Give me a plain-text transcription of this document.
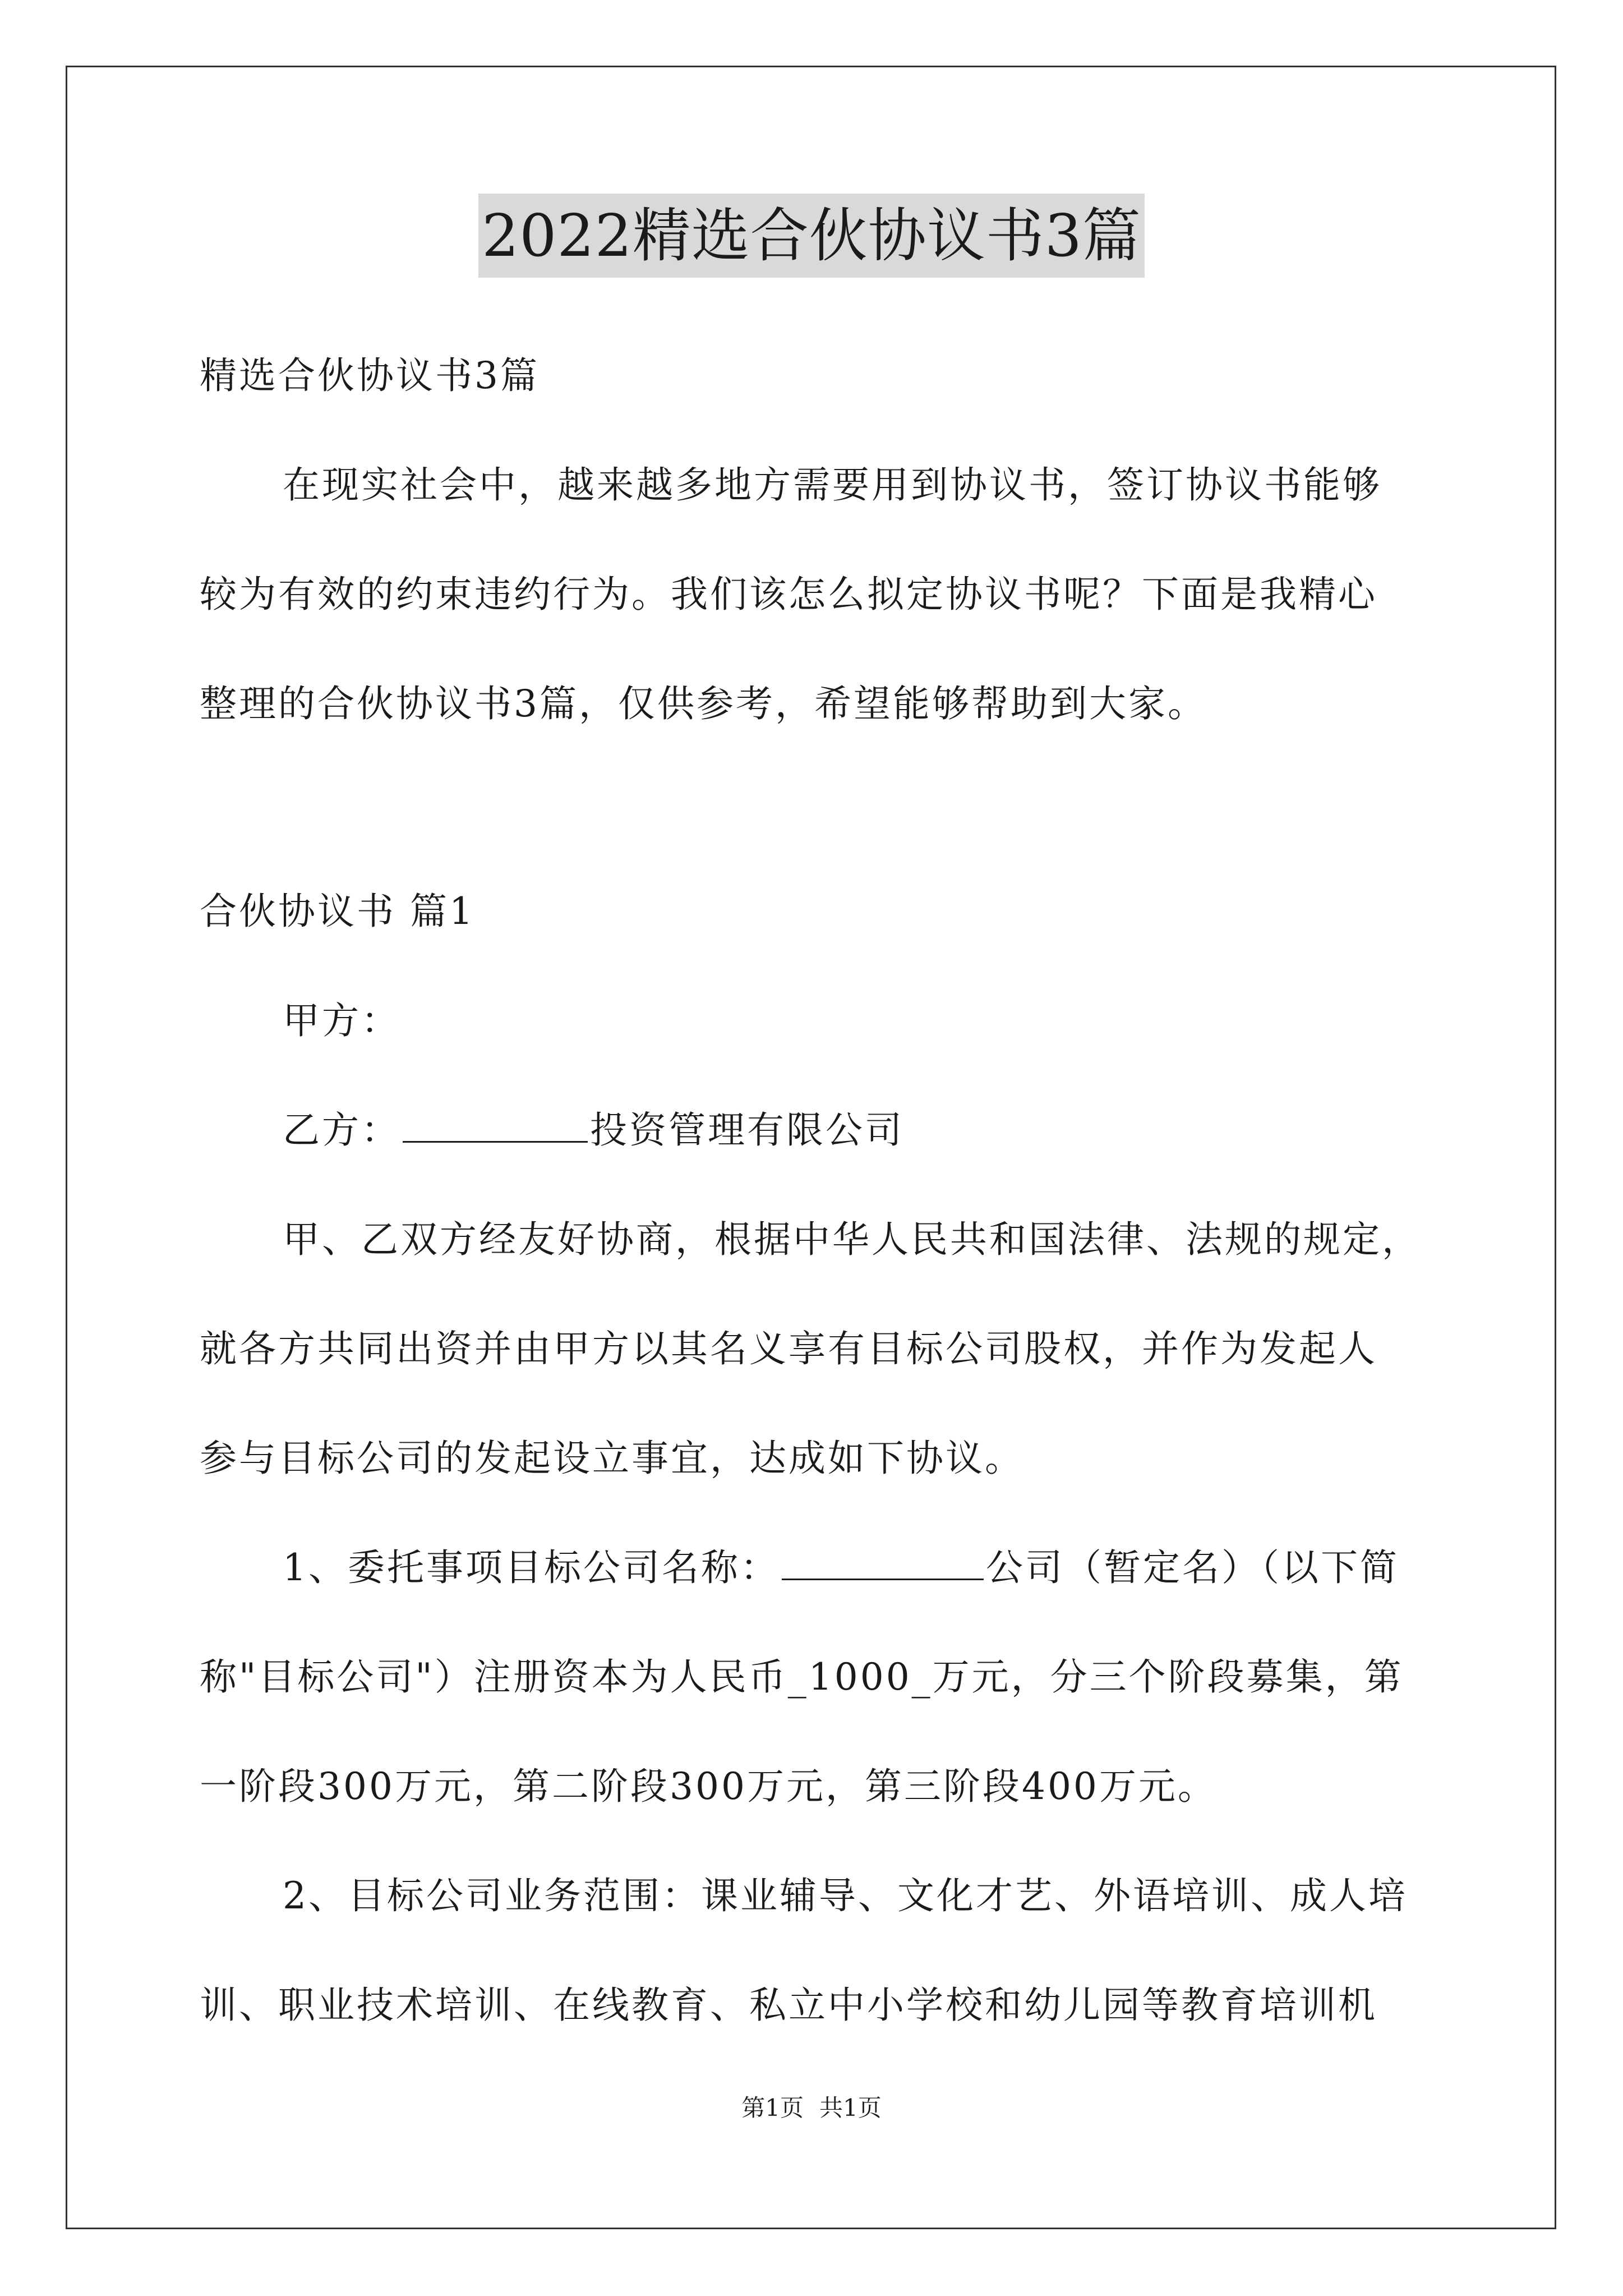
2022精选合伙协议书3篇
精选合伙协议书3篇
在现实社会中，越来越多地方需要用到协议书，签订协议书能够
较为有效的约束违约行为。我们该怎么拟定协议书呢？下面是我精心
整理的合伙协议书3篇，仅供参考，希望能够帮助到大家。
合伙协议书 篇1
甲方：
乙方：	投资管理有限公司
甲、乙双方经友好协商，根据中华人民共和国法律、法规的规定，
就各方共同出资并由甲方以其名义享有目标公司股权，并作为发起人
参与目标公司的发起设立事宜，达成如下协议。
1、委托事项目标公司名称：	公司（暂定名）（以下简
称"目标公司"）注册资本为人民币_1000_万元，分三个阶段募集，第
一阶段300万元，第二阶段300万元，第三阶段400万元。
2、目标公司业务范围：课业辅导、文化才艺、外语培训、成人培
训、职业技术培训、在线教育、私立中小学校和幼儿园等教育培训机
第1页 共1页
